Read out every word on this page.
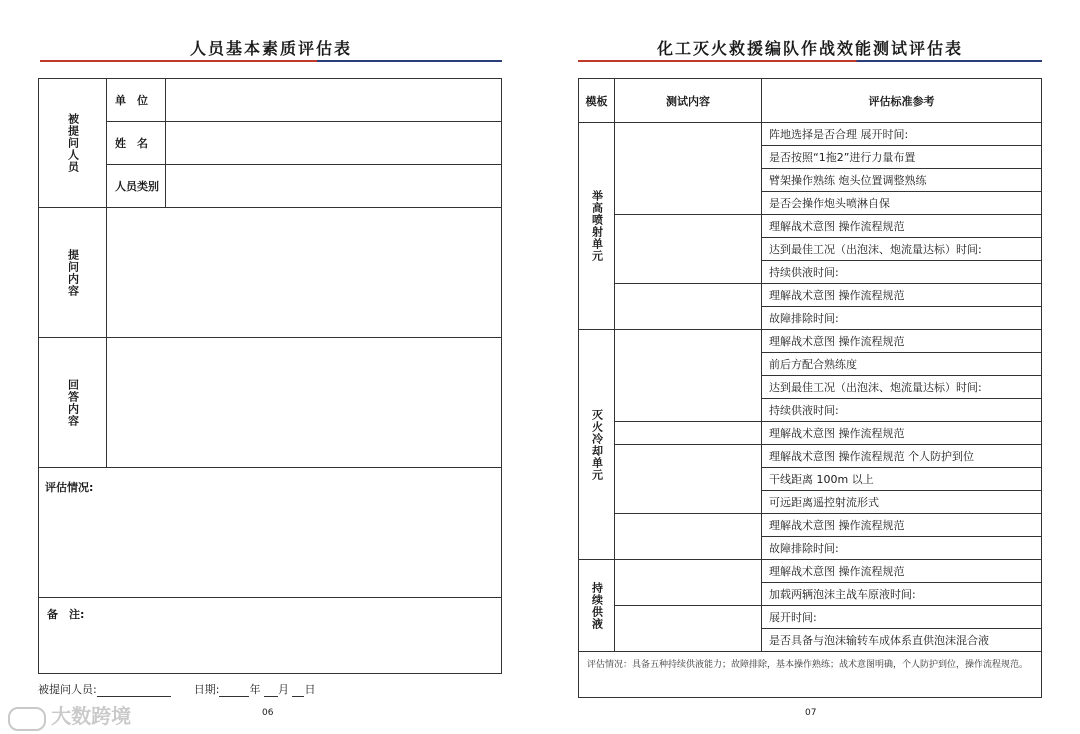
人员基本素质评估表
被提问人员	单　位	
	姓　名	
	人员类别	

提问内容		

回答内容		

评估情况:		

备　注:		
被提问人员:	日期:	年 月 日
06
化工灭火救援编队作战效能测试评估表
模板	测试内容	评估标准参考

举高喷射单元		阵地选择是否合理 展开时间:
		是否按照“1拖2”进行力量布置
		臂架操作熟练 炮头位置调整熟练
		是否会操作炮头喷淋自保
		理解战术意图 操作流程规范
		达到最佳工况（出泡沫、炮流量达标）时间:
		持续供液时间:
		理解战术意图 操作流程规范
		故障排除时间:

灭火冷却单元		理解战术意图 操作流程规范
		前后方配合熟练度
		达到最佳工况（出泡沫、炮流量达标）时间:
		持续供液时间:
		理解战术意图 操作流程规范
		理解战术意图 操作流程规范 个人防护到位
		干线距离 100m 以上
		可远距离遥控射流形式
		理解战术意图 操作流程规范
		故障排除时间:

持续供液		理解战术意图 操作流程规范
		加载两辆泡沫主战车原液时间:
		展开时间:
		是否具备与泡沫输转车成体系直供泡沫混合液
评估情况：具备五种持续供液能力；故障排除，基本操作熟练；战术意图明确，个人防护到位，操作流程规范。		
07
大数跨境
